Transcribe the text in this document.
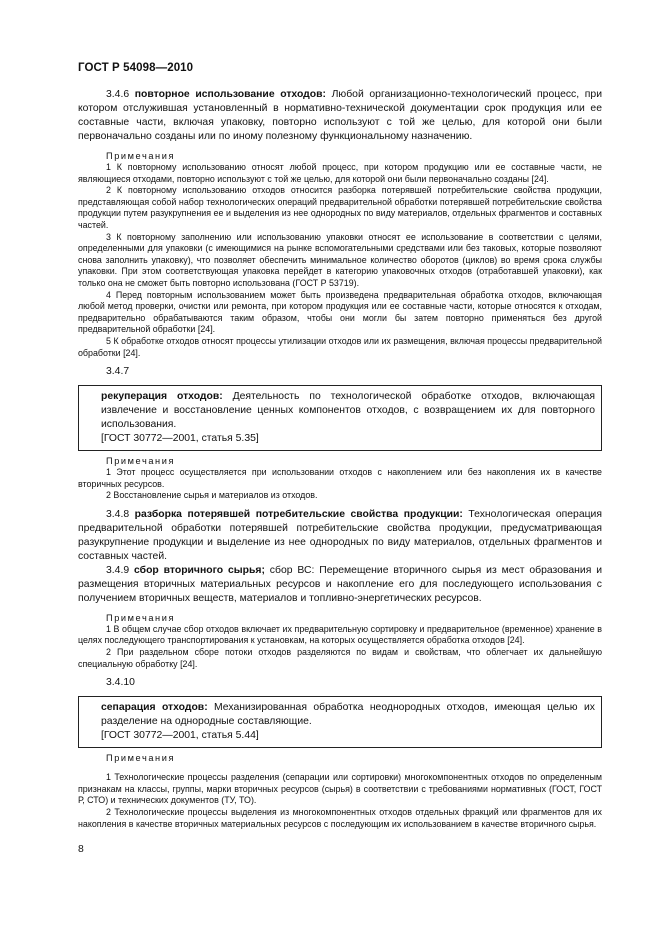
ГОСТ Р 54098—2010

3.4.6 повторное использование отходов: Любой организационно-технологический процесс, при котором отслужившая установленный в нормативно-технической документации срок продукция или ее составные части, включая упаковку, повторно используют с той же целью, для которой они были первоначально созданы или по иному полезному функциональному назначению.

Примечания

1 К повторному использованию относят любой процесс, при котором продукцию или ее составные части, не являющиеся отходами, повторно используют с той же целью, для которой они были первоначально созданы [24].

2 К повторному использованию отходов относится разборка потерявшей потребительские свойства продукции, представляющая собой набор технологических операций предварительной обработки потерявшей потребительские свойства продукции путем разукрупнения ее и выделения из нее однородных по виду материалов, отдельных фрагментов и составных частей.

3 К повторному заполнению или использованию упаковки относят ее использование в соответствии с целями, определенными для упаковки (с имеющимися на рынке вспомогательными средствами или без таковых, которые позволяют снова заполнить упаковку), что позволяет обеспечить минимальное количество оборотов (циклов) во время срока службы упаковки. При этом соответствующая упаковка перейдет в категорию упаковочных отходов (отработавшей упаковки), как только она не сможет быть повторно использована (ГОСТ Р 53719).

4 Перед повторным использованием может быть произведена предварительная обработка отходов, включающая любой метод проверки, очистки или ремонта, при котором продукция или ее составные части, которые относятся к отходам, предварительно обрабатываются таким образом, чтобы они могли бы затем повторно применяться без другой предварительной обработки [24].

5 К обработке отходов относят процессы утилизации отходов или их размещения, включая процессы предварительной обработки [24].

3.4.7

рекуперация отходов: Деятельность по технологической обработке отходов, включающая извлечение и восстановление ценных компонентов отходов, с возвращением их для повторного использования.

[ГОСТ 30772—2001, статья 5.35]

Примечания

1 Этот процесс осуществляется при использовании отходов с накоплением или без накопления их в качестве вторичных ресурсов.

2 Восстановление сырья и материалов из отходов.

3.4.8 разборка потерявшей потребительские свойства продукции: Технологическая операция предварительной обработки потерявшей потребительские свойства продукции, предусматривающая разукрупнение продукции и выделение из нее однородных по виду материалов, отдельных фрагментов и составных частей.

3.4.9 сбор вторичного сырья; сбор ВС: Перемещение вторичного сырья из мест образования и размещения вторичных материальных ресурсов и накопление его для последующего использования с получением вторичных веществ, материалов и топливно-энергетических ресурсов.

Примечания

1 В общем случае сбор отходов включает их предварительную сортировку и предварительное (временное) хранение в целях последующего транспортирования к установкам, на которых осуществляется обработка отходов [24].

2 При раздельном сборе потоки отходов разделяются по видам и свойствам, что облегчает их дальнейшую специальную обработку [24].

3.4.10

сепарация отходов: Механизированная обработка неоднородных отходов, имеющая целью их разделение на однородные составляющие.

[ГОСТ 30772—2001, статья 5.44]

Примечания

1 Технологические процессы разделения (сепарации или сортировки) многокомпонентных отходов по определенным признакам на классы, группы, марки вторичных ресурсов (сырья) в соответствии с требованиями нормативных (ГОСТ, ГОСТ Р, СТО) и технических документов (ТУ, ТО).

2 Технологические процессы выделения из многокомпонентных отходов отдельных фракций или фрагментов для их накопления в качестве вторичных материальных ресурсов с последующим их использованием в качестве вторичного сырья.

8
